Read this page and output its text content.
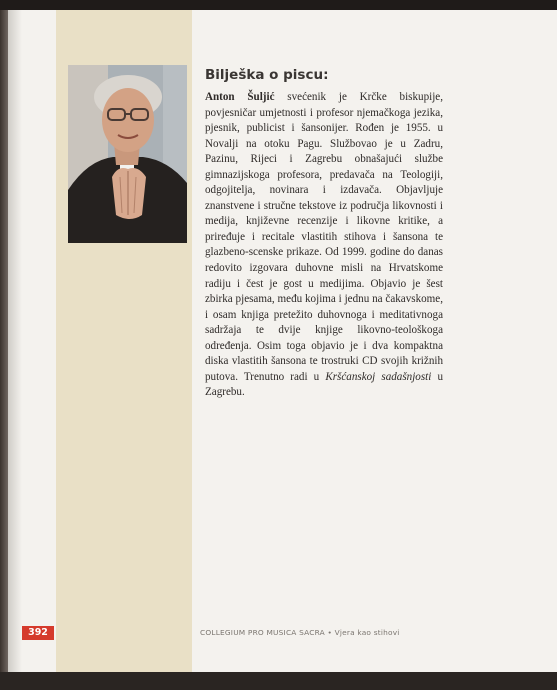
Bilješka o piscu:

Anton Šuljić svećenik je Krčke biskupije, povjesničar umjetnosti i profesor njemačkoga jezika, pjesnik, publicist i šansonijer. Rođen je 1955. u Novalji na otoku Pagu. Službovao je u Zadru, Pazinu, Rijeci i Zagrebu obnašajući službe gimnazijskoga profesora, predavača na Teologiji, odgojitelja, novinara i izdavača. Objavljuje znanstvene i stručne tekstove iz područja likovnosti i medija, književne recenzije i likovne kritike, a priređuje i recitale vlastitih stihova i šansona te glazbeno-scenske prikaze. Od 1999. godine do danas redovito izgovara duhovne misli na Hrvatskome radiju i čest je gost u medijima. Objavio je šest zbirka pjesama, među kojima i jednu na čakavskome, i osam knjiga pretežito duhovnoga i meditativnoga sadržaja te dvije knjige likovno-teološkoga određenja. Osim toga objavio je i dva kompaktna diska vlastitih šansona te trostruki CD svojih križnih putova. Trenutno radi u Kršćanskoj sadašnjosti u Zagrebu.

392	COLLEGIUM PRO MUSICA SACRA • Vjera kao stihovi
